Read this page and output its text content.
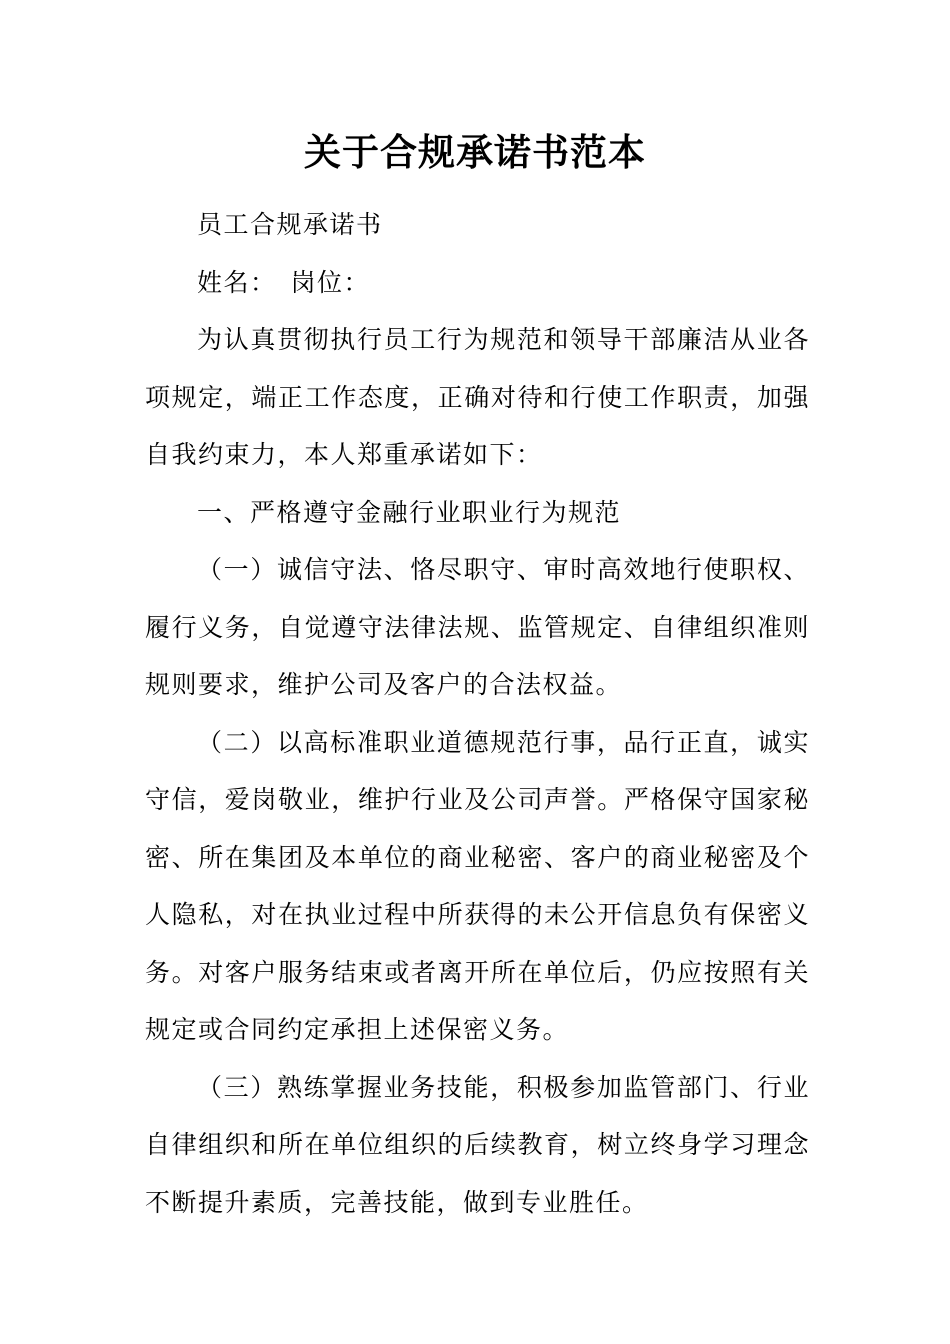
关于合规承诺书范本

员工合规承诺书

姓名： 岗位：

为认真贯彻执行员工行为规范和领导干部廉洁从业各项规定，端正工作态度，正确对待和行使工作职责，加强自我约束力，本人郑重承诺如下：

一、严格遵守金融行业职业行为规范

（一）诚信守法、恪尽职守、审时高效地行使职权、履行义务，自觉遵守法律法规、监管规定、自律组织准则规则要求，维护公司及客户的合法权益。

（二）以高标准职业道德规范行事，品行正直，诚实守信，爱岗敬业，维护行业及公司声誉。严格保守国家秘密、所在集团及本单位的商业秘密、客户的商业秘密及个人隐私，对在执业过程中所获得的未公开信息负有保密义务。对客户服务结束或者离开所在单位后，仍应按照有关规定或合同约定承担上述保密义务。

（三）熟练掌握业务技能，积极参加监管部门、行业自律组织和所在单位组织的后续教育，树立终身学习理念不断提升素质，完善技能，做到专业胜任。
